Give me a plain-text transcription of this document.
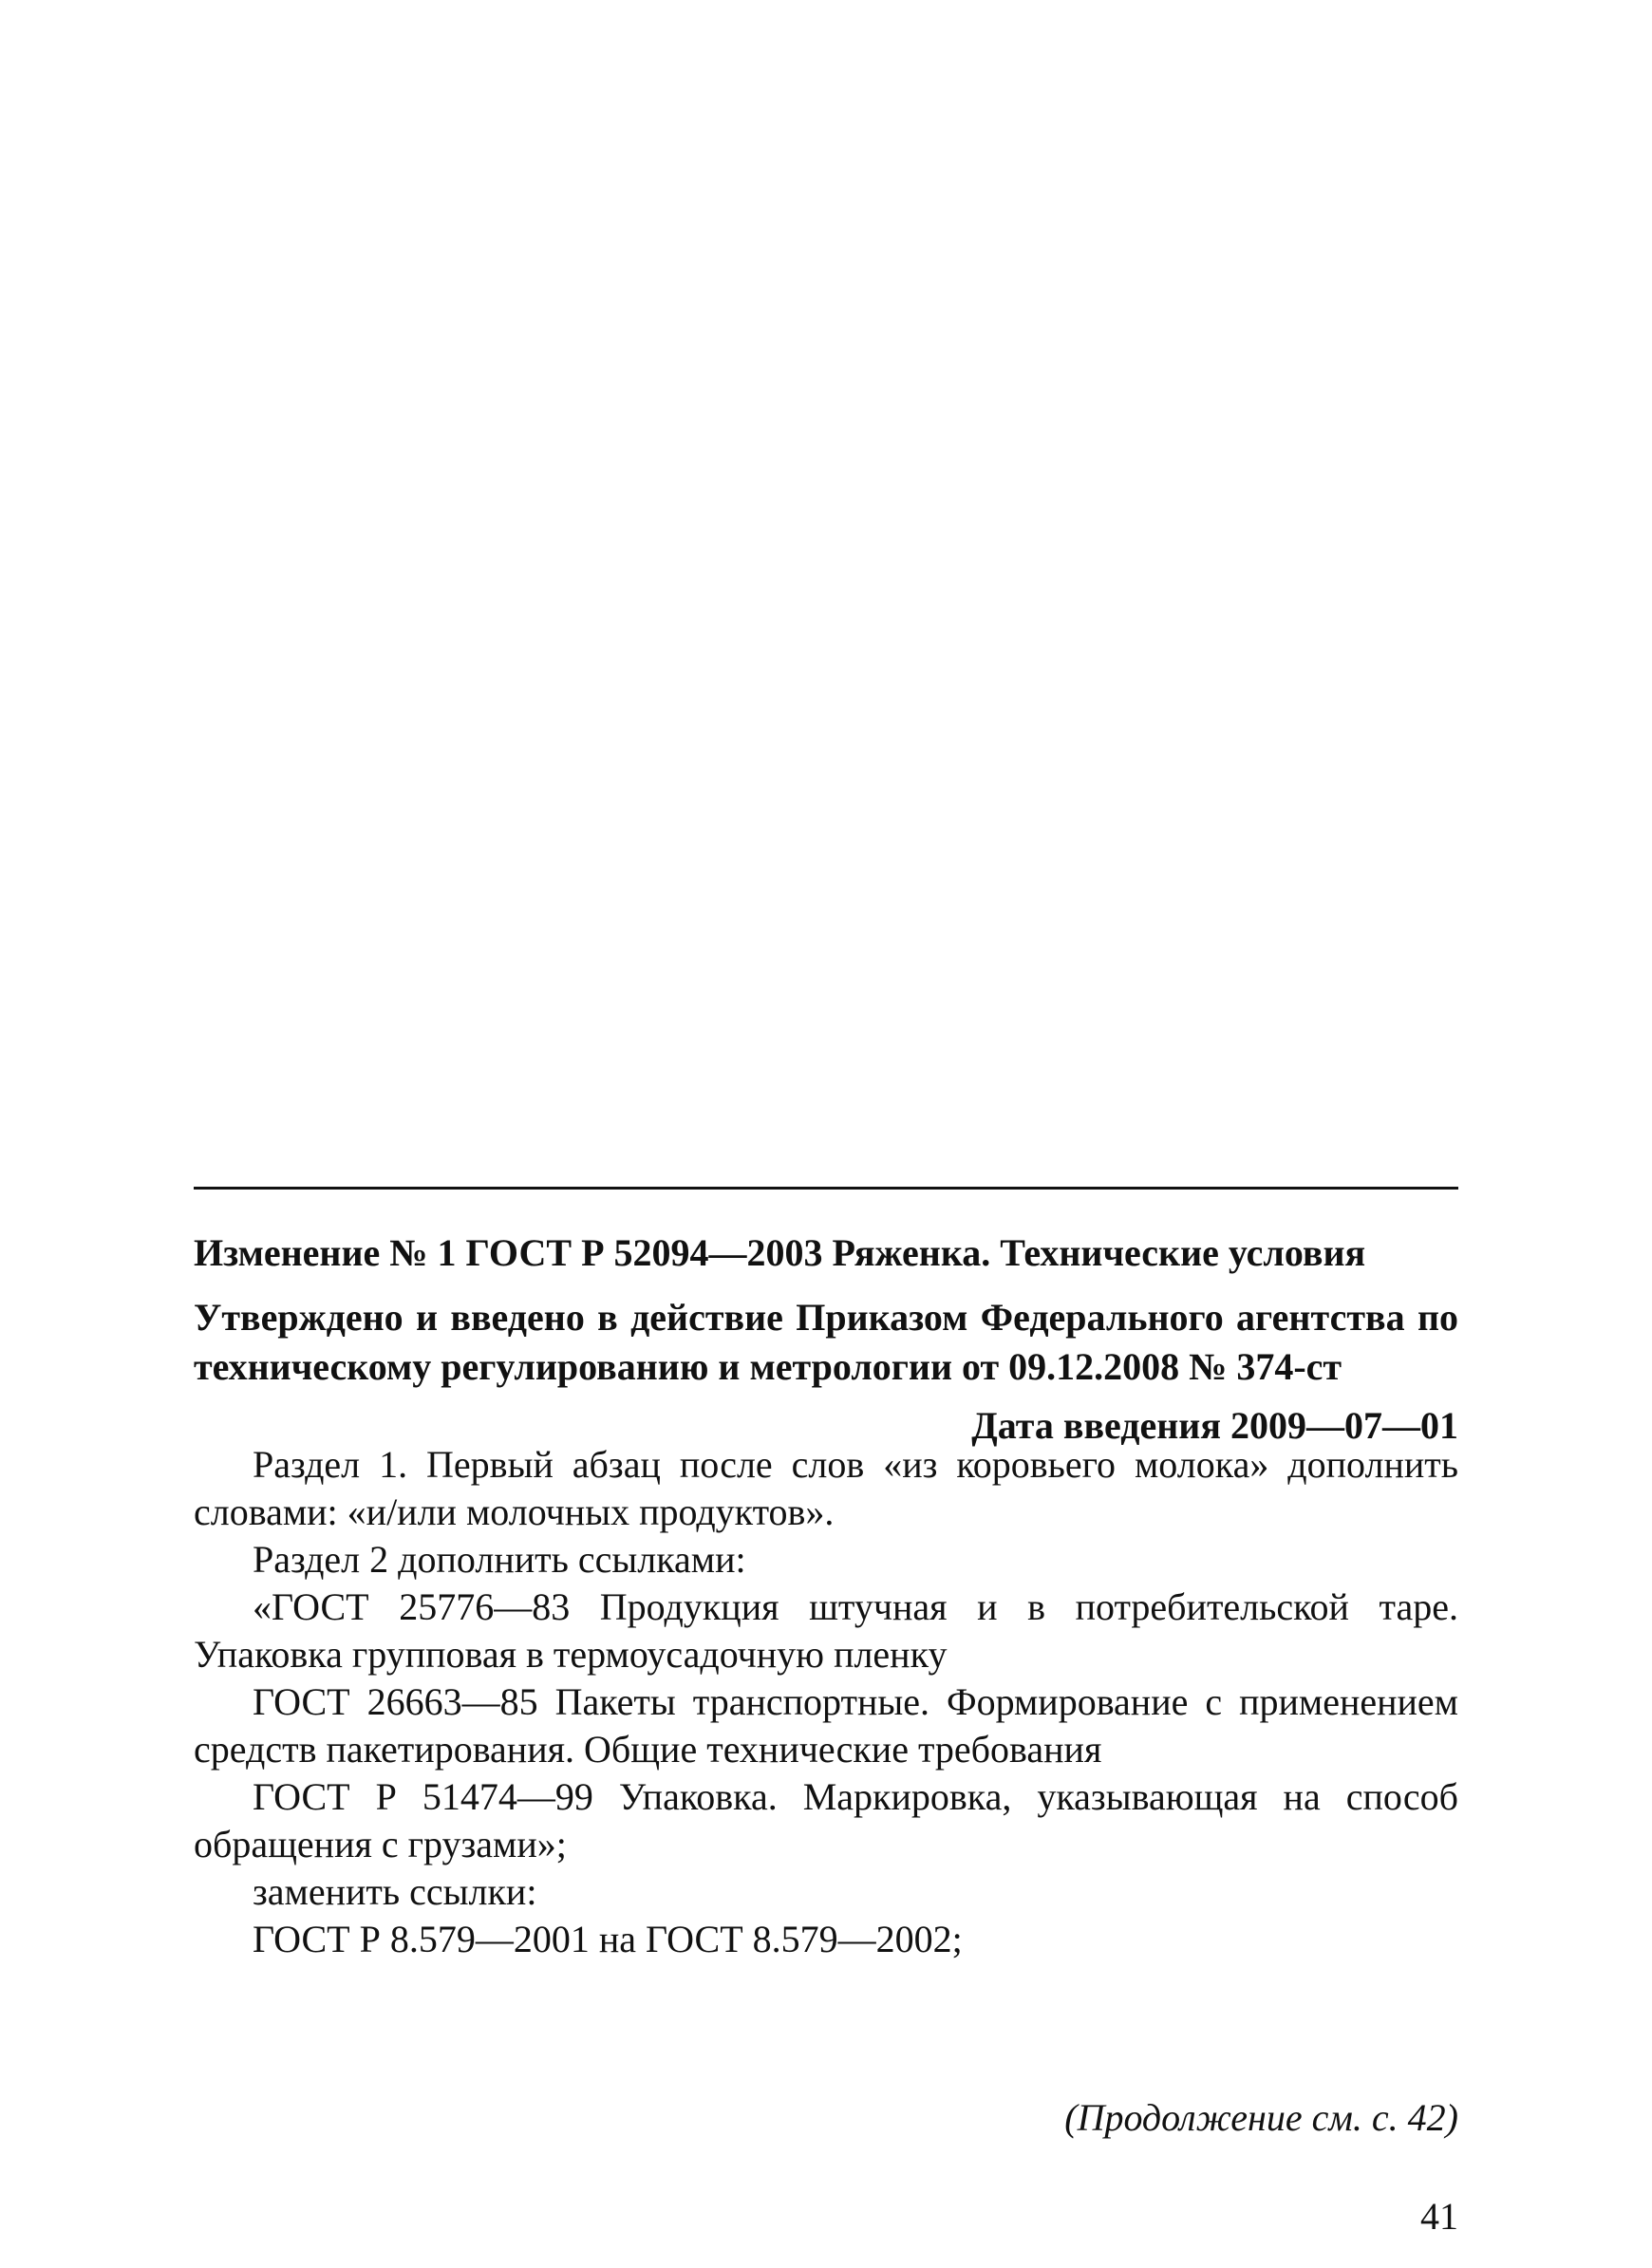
Изменение № 1 ГОСТ Р 52094—2003 Ряженка. Технические условия

Утверждено и введено в действие Приказом Федерального агентства по техническому регулированию и метрологии от 09.12.2008 № 374-ст

Дата введения 2009—07—01

Раздел 1. Первый абзац после слов «из коровьего молока» дополнить словами: «и/или молочных продуктов».

Раздел 2 дополнить ссылками:

«ГОСТ 25776—83 Продукция штучная и в потребительской таре. Упаковка групповая в термоусадочную пленку

ГОСТ 26663—85 Пакеты транспортные. Формирование с применением средств пакетирования. Общие технические требования

ГОСТ Р 51474—99 Упаковка. Маркировка, указывающая на способ обращения с грузами»;

заменить ссылки:

ГОСТ Р 8.579—2001 на ГОСТ 8.579—2002;

(Продолжение см. с. 42)
41
